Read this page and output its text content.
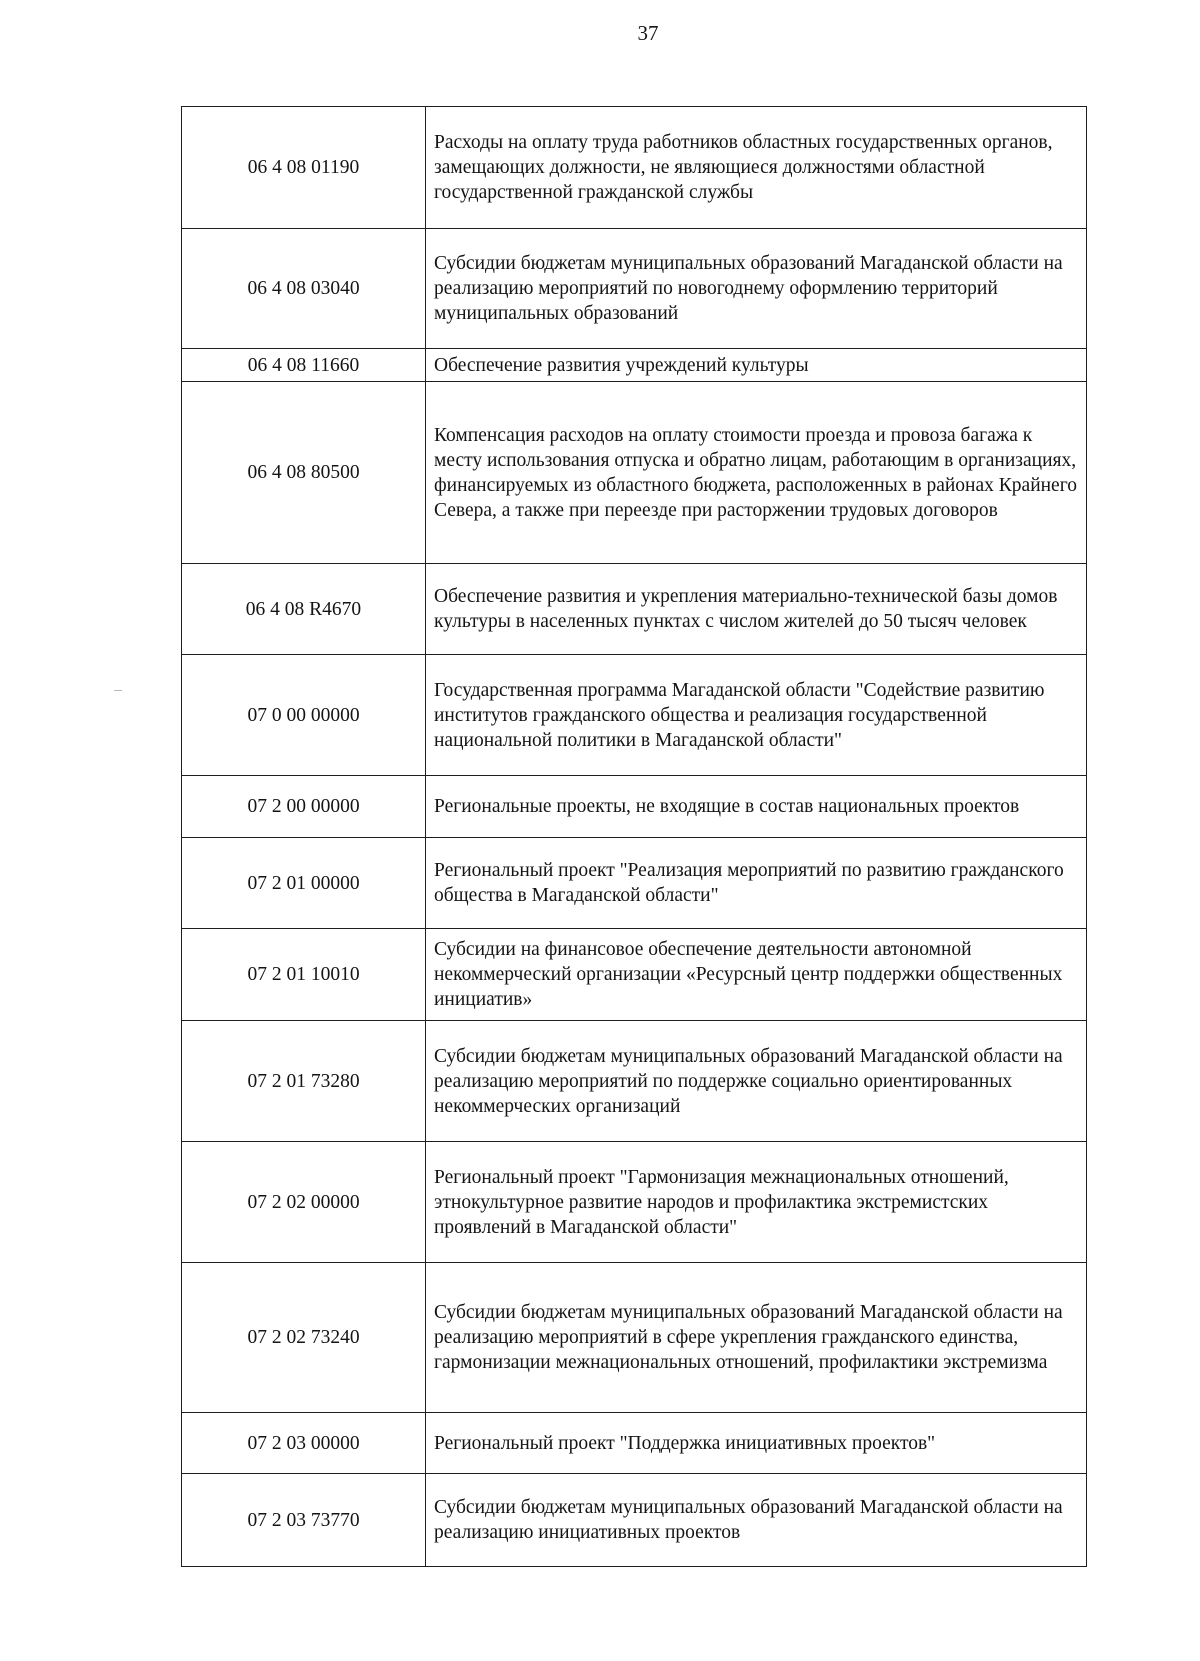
37
06 4 08 01190	Расходы на оплату труда работников областных государственных органов, замещающих должности, не являющиеся должностями областной государственной гражданской службы
06 4 08 03040	Субсидии бюджетам муниципальных образований Магаданской области на реализацию мероприятий по новогоднему оформлению территорий муниципальных образований
06 4 08 11660	Обеспечение развития учреждений культуры
06 4 08 80500	Компенсация расходов на оплату стоимости проезда и провоза багажа к месту использования отпуска и обратно лицам, работающим в организациях, финансируемых из областного бюджета, расположенных в районах Крайнего Севера, а также при переезде при расторжении трудовых договоров
06 4 08 R4670	Обеспечение развития и укрепления материально-технической базы домов культуры в населенных пунктах с числом жителей до 50 тысяч человек
07 0 00 00000	Государственная программа Магаданской области "Содействие развитию институтов гражданского общества и реализация государственной национальной политики в Магаданской области"
07 2 00 00000	Региональные проекты, не входящие в состав национальных проектов
07 2 01 00000	Региональный проект "Реализация мероприятий по развитию гражданского общества в Магаданской области"
07 2 01 10010	Субсидии на финансовое обеспечение деятельности автономной некоммерческий организации «Ресурсный центр поддержки общественных инициатив»
07 2 01 73280	Субсидии бюджетам муниципальных образований Магаданской области на реализацию мероприятий по поддержке социально ориентированных некоммерческих организаций
07 2 02 00000	Региональный проект "Гармонизация межнациональных отношений, этнокультурное развитие народов и профилактика экстремистских проявлений в Магаданской области"
07 2 02 73240	Субсидии бюджетам муниципальных образований Магаданской области на реализацию мероприятий в сфере укрепления гражданского единства, гармонизации межнациональных отношений, профилактики экстремизма
07 2 03 00000	Региональный проект "Поддержка инициативных проектов"
07 2 03 73770	Субсидии бюджетам муниципальных образований Магаданской области на реализацию инициативных проектов
